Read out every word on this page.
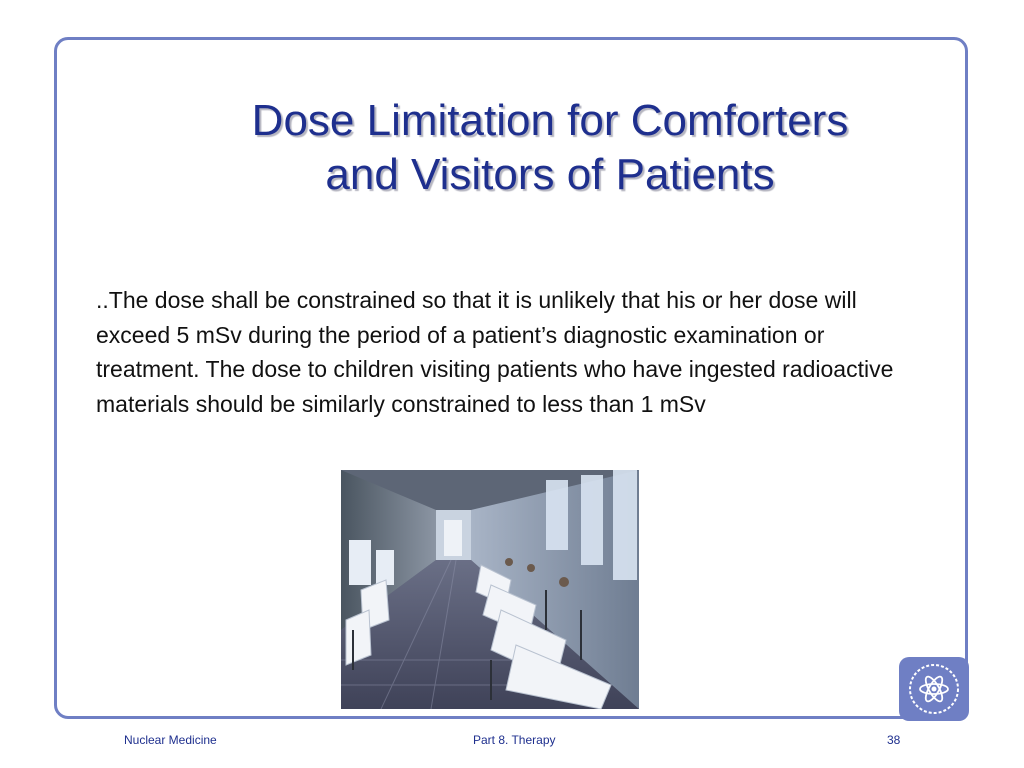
Dose Limitation for Comforters
and Visitors of Patients
..The dose shall be constrained so that it is unlikely that his or her dose will exceed 5 mSv during the period of a patient’s diagnostic examination or treatment. The dose to children visiting patients who have ingested radioactive materials should be similarly constrained to less than 1 mSv
Nuclear Medicine	Part 8. Therapy	38
